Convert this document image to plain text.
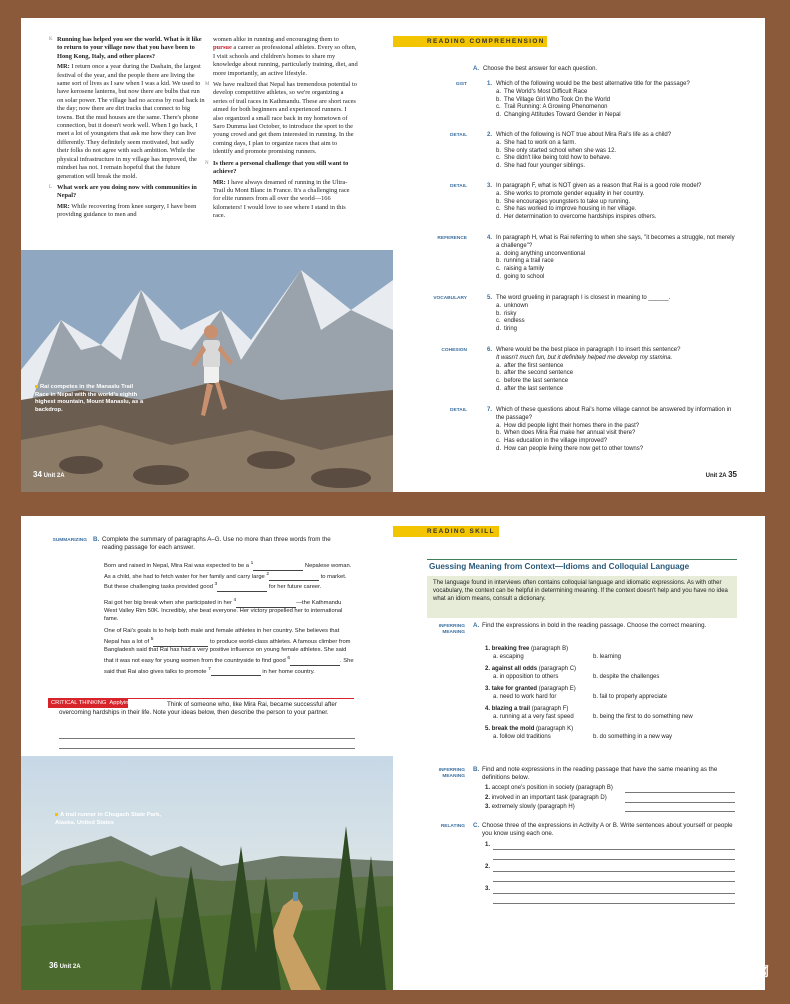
K Running has helped you see the world. What is it like to return to your village now that you have been to Hong Kong, Italy, and other places?

MR: I return once a year during the Dashain, the largest festival of the year, and the people there are living the same sort of lives as I saw when I was a kid. We used to have kerosene lanterns, but now there are bulbs that run on solar power. The village had no access by road back in the day; now there are dirt tracks that connect to big towns. But the mud houses are the same. There's phone connection, but it doesn't work well. When I go back, I meet a lot of youngsters that ask me how they can live differently. They definitely seem motivated, but sadly their folks do not agree with such ambition. While the physical infrastructure in my village has improved, the mindset has not. I remain hopeful that the future generation will break the mold.

L What work are you doing now with communities in Nepal?

MR: While recovering from knee surgery, I have been providing guidance to men and

women alike in running and encouraging them to pursue a career as professional athletes. Every so often, I visit schools and children's homes to share my knowledge about running, particularly training, diet, and more importantly, an active lifestyle.

M We have realized that Nepal has tremendous potential to develop competitive athletes, so we're organizing a series of trail races in Kathmandu. These are short races aimed for both beginners and experienced runners. I also organized a small race back in my hometown of Saro Dumma last October, to introduce the sport to the young crowd and get them interested in running. In the coming days, I plan to organize races that aim to identify and promote promising runners.

N Is there a personal challenge that you still want to achieve?

MR: I have always dreamed of running in the Ultra-Trail du Mont Blanc in France. It's a challenging race for elite runners from all over the world—166 kilometers! I would love to see where I stand in this race.

Rai competes in the Manaslu Trail Race in Nepal with the world's eighth highest mountain, Mount Manaslu, as a backdrop.
34 Unit 2A
READING COMPREHENSION
A. Choose the best answer for each question.
GIST	1. Which of the following would be the best alternative title for the passage?
a. The World's Most Difficult Race
b. The Village Girl Who Took On the World
c. Trail Running: A Growing Phenomenon
d. Changing Attitudes Toward Gender in Nepal
DETAIL	2. Which of the following is NOT true about Mira Rai's life as a child?
a. She had to work on a farm.
b. She only started school when she was 12.
c. She didn't like being told how to behave.
d. She had four younger siblings.
DETAIL	3. In paragraph F, what is NOT given as a reason that Rai is a good role model?
a. She works to promote gender equality in her country.
b. She encourages youngsters to take up running.
c. She has worked to improve housing in her village.
d. Her determination to overcome hardships inspires others.
REFERENCE	4. In paragraph H, what is Rai referring to when she says, "it becomes a struggle, not merely a challenge"?
a. doing anything unconventional
b. running a trail race
c. raising a family
d. going to school
VOCABULARY	5. The word grueling in paragraph I is closest in meaning to ______.
a. unknown
b. risky
c. endless
d. tiring
COHESION	6. Where would be the best place in paragraph I to insert this sentence?
It wasn't much fun, but it definitely helped me develop my stamina.
a. after the first sentence
b. after the second sentence
c. before the last sentence
d. after the last sentence
DETAIL	7. Which of these questions about Rai's home village cannot be answered by information in the passage?
a. How did people light their homes there in the past?
b. When does Mira Rai make her annual visit there?
c. Has education in the village improved?
d. How can people living there now get to other towns?
Unit 2A 35
SUMMARIZING B. Complete the summary of paragraphs A–G. Use no more than three words from the reading passage for each answer.

Born and raised in Nepal, Mira Rai was expected to be a $^1$	Nepalese woman. As a child, she had to fetch water for her family and carry large $^2$	to market. But these challenging tasks provided good $^3$	for her future career.

Rai got her big break when she participated in her $^4$	—the Kathmandu West Valley Rim 50K. Incredibly, she beat everyone. Her victory propelled her to international fame.

One of Rai's goals is to help both male and female athletes in her country. She believes that Nepal has a lot of $^5$	to produce world-class athletes. A famous climber from Bangladesh said that Rai has had a very positive influence on young female athletes. She said that it was not easy for young women from the countryside to find good $^6$	. She said that Rai also gives talks to promote $^7$	in her home country.

CRITICAL THINKING Applying Ideas	Think of someone who, like Mira Rai, became successful after overcoming hardships in their life. Note your ideas below, then describe the person to your partner.
A trail runner in Chugach State Park, Alaska, United States
36 Unit 2A
READING SKILL
Guessing Meaning from Context—Idioms and Colloquial Language
The language found in interviews often contains colloquial language and idiomatic expressions. As with other vocabulary, the context can be helpful in determining meaning. If the context doesn't help and you have no idea what an idiom means, consult a dictionary.
INFERRING MEANING
A. Find the expressions in bold in the reading passage. Choose the correct meaning.
1. breaking free (paragraph B)
a. escaping	b. learning
2. against all odds (paragraph C)
a. in opposition to others	b. despite the challenges
3. take for granted (paragraph E)
a. need to work hard for	b. fail to properly appreciate
4. blazing a trail (paragraph F)
a. running at a very fast speed	b. being the first to do something new
5. break the mold (paragraph K)
a. follow old traditions	b. do something in a new way
INFERRING MEANING
B. Find and note expressions in the reading passage that have the same meaning as the definitions below.
1. accept one's position in society (paragraph B)
2. involved in an important task (paragraph D)
3. extremely slowly (paragraph H)
RELATING C. Choose three of the expressions in Activity A or B. Write sentences about yourself or people you know using each one.
1.
2.
3.
小花生网
